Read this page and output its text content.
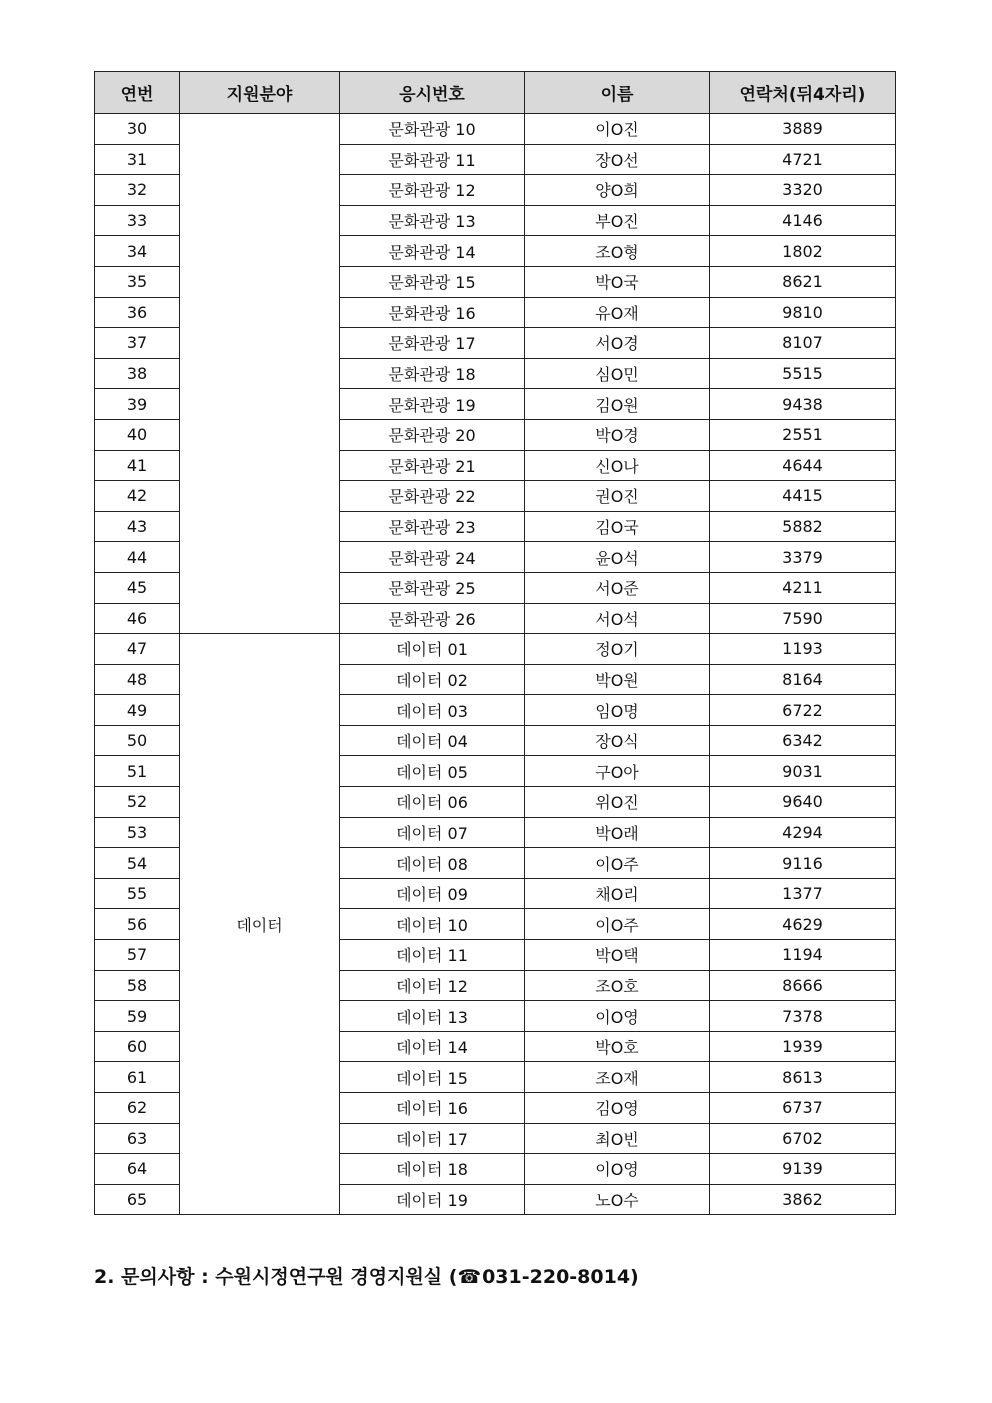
연번	지원분야	응시번호	이름	연락처(뒤4자리)
30		문화관광 10	이O진	3889
31		문화관광 11	장O선	4721
32		문화관광 12	양O희	3320
33		문화관광 13	부O진	4146
34		문화관광 14	조O형	1802
35		문화관광 15	박O국	8621
36		문화관광 16	유O재	9810
37		문화관광 17	서O경	8107
38		문화관광 18	심O민	5515
39		문화관광 19	김O원	9438
40		문화관광 20	박O경	2551
41		문화관광 21	신O나	4644
42		문화관광 22	권O진	4415
43		문화관광 23	김O국	5882
44		문화관광 24	윤O석	3379
45		문화관광 25	서O준	4211
46		문화관광 26	서O석	7590
47	데이터	데이터 01	정O기	1193
48		데이터 02	박O원	8164
49		데이터 03	임O명	6722
50		데이터 04	장O식	6342
51		데이터 05	구O아	9031
52		데이터 06	위O진	9640
53		데이터 07	박O래	4294
54		데이터 08	이O주	9116
55		데이터 09	채O리	1377
56		데이터 10	이O주	4629
57		데이터 11	박O택	1194
58		데이터 12	조O호	8666
59		데이터 13	이O영	7378
60		데이터 14	박O호	1939
61		데이터 15	조O재	8613
62		데이터 16	김O영	6737
63		데이터 17	최O빈	6702
64		데이터 18	이O영	9139
65		데이터 19	노O수	3862
2. 문의사항 : 수원시정연구원 경영지원실 (☎ 031-220-8014)
